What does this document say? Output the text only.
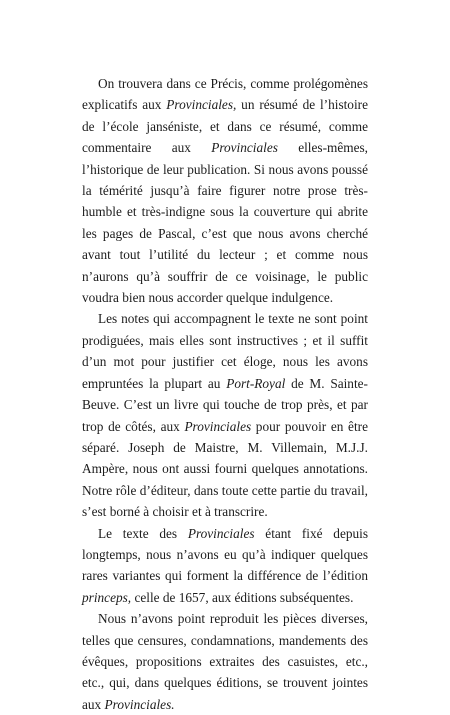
On trouvera dans ce Précis, comme prolégomènes explicatifs aux Provinciales, un résumé de l’histoire de l’école janséniste, et dans ce résumé, comme commentaire aux Provinciales elles-mêmes, l’historique de leur publication. Si nous avons poussé la témérité jusqu’à faire figurer notre prose très-humble et très-indigne sous la couverture qui abrite les pages de Pascal, c’est que nous avons cherché avant tout l’utilité du lecteur ; et comme nous n’aurons qu’à souffrir de ce voisinage, le public voudra bien nous accorder quelque indulgence.

Les notes qui accompagnent le texte ne sont point prodiguées, mais elles sont instructives ; et il suffit d’un mot pour justifier cet éloge, nous les avons empruntées la plupart au Port-Royal de M. Sainte-Beuve. C’est un livre qui touche de trop près, et par trop de côtés, aux Provinciales pour pouvoir en être séparé. Joseph de Maistre, M. Villemain, M.J.J. Ampère, nous ont aussi fourni quelques annotations. Notre rôle d’éditeur, dans toute cette partie du travail, s’est borné à choisir et à transcrire.

Le texte des Provinciales étant fixé depuis longtemps, nous n’avons eu qu’à indiquer quelques rares variantes qui forment la différence de l’édition princeps, celle de 1657, aux éditions subséquentes.

Nous n’avons point reproduit les pièces diverses, telles que censures, condamnations, mandements des évêques, propositions extraites des casuistes, etc., etc., qui, dans quelques éditions, se trouvent jointes aux Provinciales.
